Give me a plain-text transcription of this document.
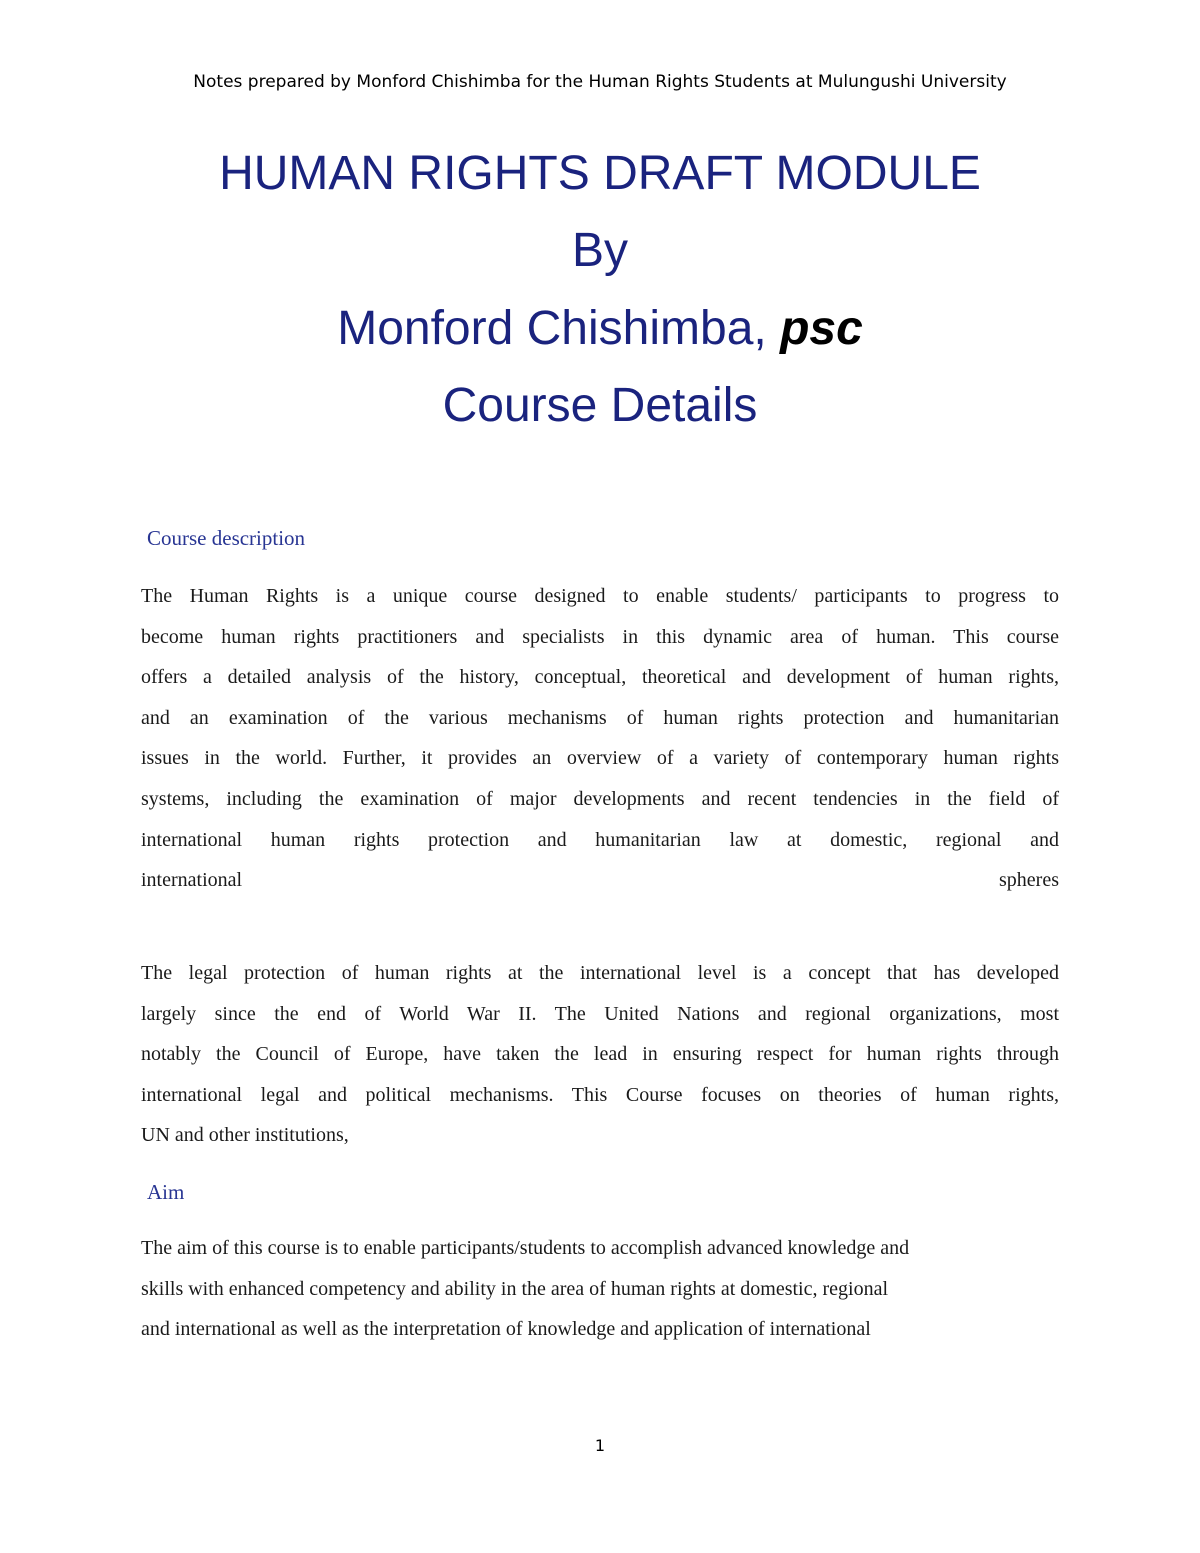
Notes prepared by Monford Chishimba for the Human Rights Students at Mulungushi University
HUMAN RIGHTS DRAFT MODULE
By
Monford Chishimba, psc
Course Details
Course description
The Human Rights is a unique course designed to enable students/ participants to progress to
become human rights practitioners and specialists in this dynamic area of human. This course
offers a detailed analysis of the history, conceptual, theoretical and development of human rights,
and an examination of the various mechanisms of human rights protection and humanitarian
issues in the world. Further, it provides an overview of a variety of contemporary human rights
systems, including the examination of major developments and recent tendencies in the field of
international human rights protection and humanitarian law at domestic, regional and
international spheres
The legal protection of human rights at the international level is a concept that has developed
largely since the end of World War II. The United Nations and regional organizations, most
notably the Council of Europe, have taken the lead in ensuring respect for human rights through
international legal and political mechanisms. This Course focuses on theories of human rights,
UN and other institutions,
Aim
The aim of this course is to enable participants/students to accomplish advanced knowledge and
skills with enhanced competency and ability in the area of human rights at domestic, regional
and international as well as the interpretation of knowledge and application of international
1
